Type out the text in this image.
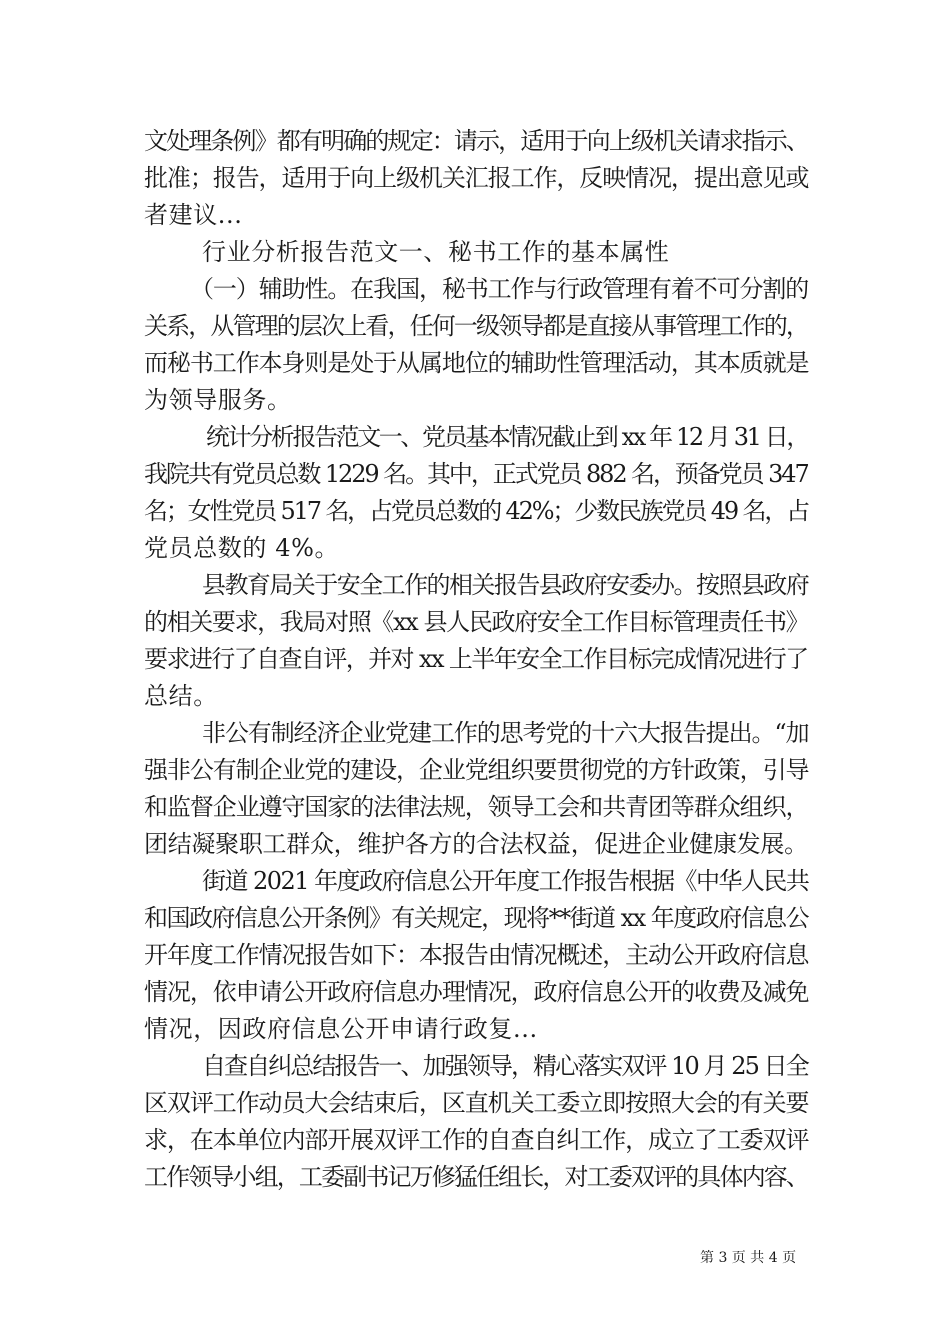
文处理条例》都有明确的规定：请示，适用于向上级机关请求指示、
批准；报告，适用于向上级机关汇报工作，反映情况，提出意见或
者建议...
行业分析报告范文一、秘书工作的基本属性
（一）辅助性。在我国，秘书工作与行政管理有着不可分割的
关系，从管理的层次上看，任何一级领导都是直接从事管理工作的，
而秘书工作本身则是处于从属地位的辅助性管理活动，其本质就是
为领导服务。
统计分析报告范文一、党员基本情况截止到 xx 年 12 月 31 日，
我院共有党员总数 1229 名。其中，正式党员 882 名，预备党员 347
名；女性党员 517 名，占党员总数的 42%；少数民族党员 49 名，占
党员总数的 4%。
县教育局关于安全工作的相关报告县政府安委办。按照县政府
的相关要求，我局对照《xx 县人民政府安全工作目标管理责任书》
要求进行了自查自评，并对 xx 上半年安全工作目标完成情况进行了
总结。
非公有制经济企业党建工作的思考党的十六大报告提出。“加
强非公有制企业党的建设，企业党组织要贯彻党的方针政策，引导
和监督企业遵守国家的法律法规，领导工会和共青团等群众组织，
团结凝聚职工群众，维护各方的合法权益，促进企业健康发展。
街道 2021 年度政府信息公开年度工作报告根据《中华人民共
和国政府信息公开条例》有关规定，现将**街道 xx 年度政府信息公
开年度工作情况报告如下：本报告由情况概述，主动公开政府信息
情况，依申请公开政府信息办理情况，政府信息公开的收费及减免
情况，因政府信息公开申请行政复...
自查自纠总结报告一、加强领导，精心落实双评 10 月 25 日全
区双评工作动员大会结束后，区直机关工委立即按照大会的有关要
求，在本单位内部开展双评工作的自查自纠工作，成立了工委双评
工作领导小组，工委副书记万修猛任组长，对工委双评的具体内容、
第 3 页 共 4 页
